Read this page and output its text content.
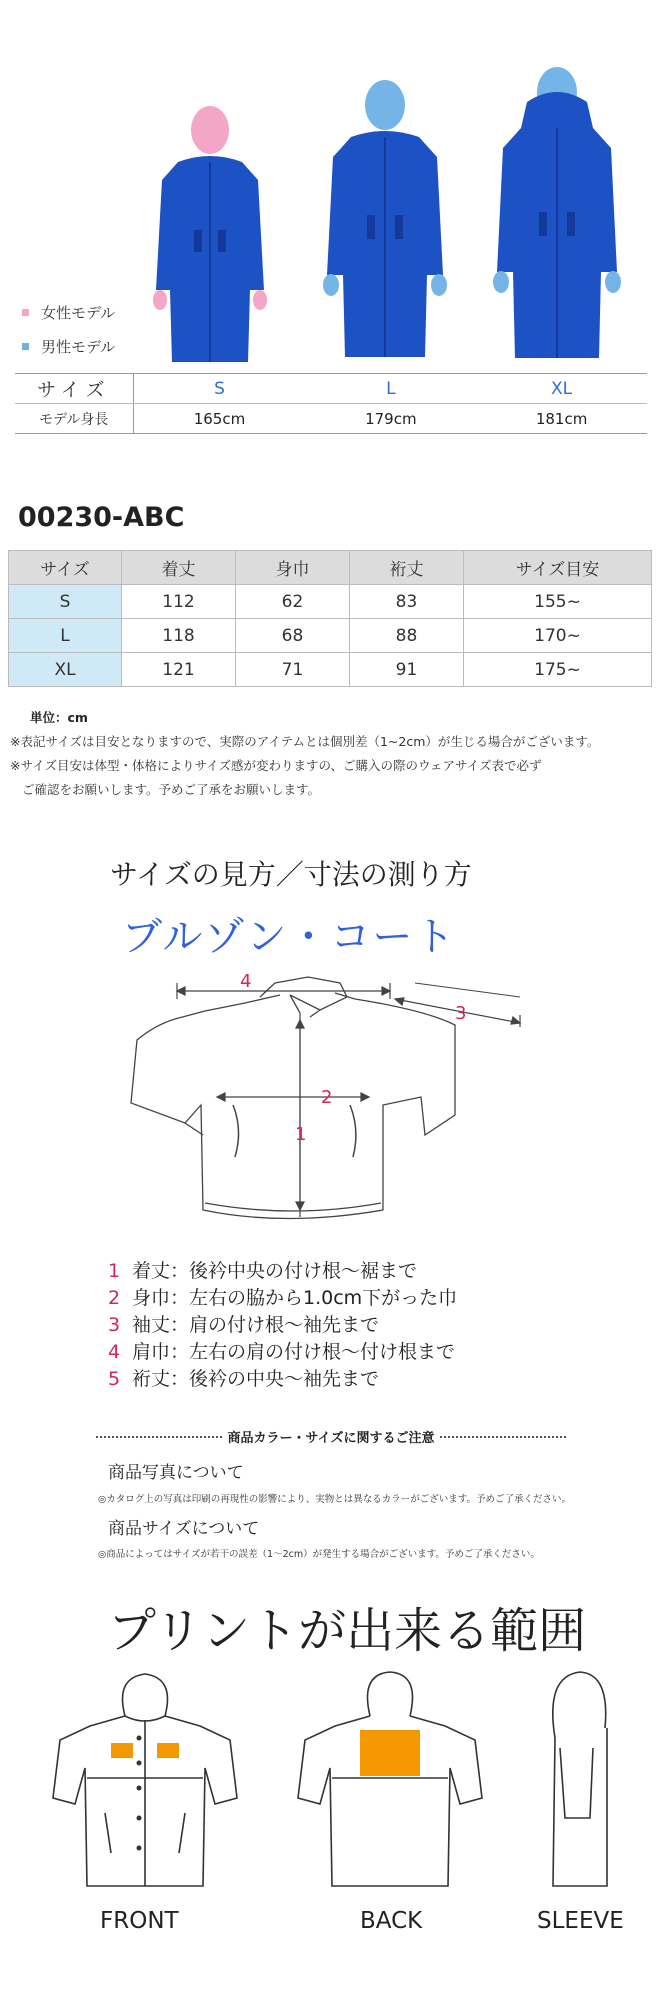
女性モデル
男性モデル
サイズ	S	L	XL
モデル身長	165cm	179cm	181cm
00230-ABC
サイズ	着丈	身巾	裄丈	サイズ目安
S	112	62	83	155~
L	118	68	88	170~
XL	121	71	91	175~
単位：cm
※表記サイズは目安となりますので、実際のアイテムとは個別差（1~2cm）が生じる場合がございます。
※サイズ目安は体型・体格によりサイズ感が変わりますの、ご購入の際のウェアサイズ表で必ず
ご確認をお願いします。予めご了承をお願いします。
サイズの見方／寸法の測り方
ブルゾン・コート
4
3
2
1
1 着丈：後衿中央の付け根～裾まで
2 身巾：左右の脇から1.0cm下がった巾
3 袖丈：肩の付け根～袖先まで
4 肩巾：左右の肩の付け根～付け根まで
5 裄丈：後衿の中央～袖先まで
商品カラー・サイズに関するご注意
商品写真について
◎カタログ上の写真は印刷の再現性の影響により、実物とは異なるカラーがございます。予めご了承ください。
商品サイズについて
◎商品によってはサイズが若干の誤差（1～2cm）が発生する場合がございます。予めご了承ください。
プリントが出来る範囲
FRONT	BACK	SLEEVE
